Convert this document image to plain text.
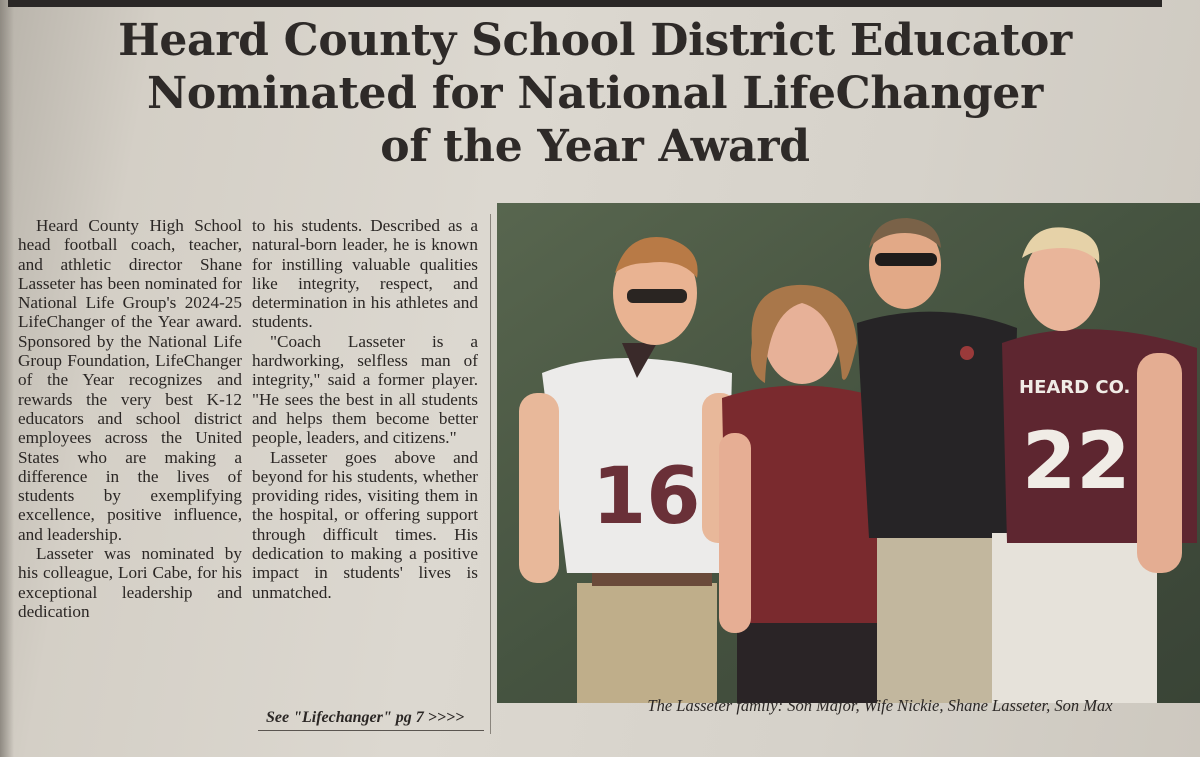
Heard County School District Educator
Nominated for National LifeChanger
of the Year Award

Heard County High School head football coach, teacher, and athletic director Shane Lasseter has been nominated for National Life Group's 2024-25 LifeChanger of the Year award. Sponsored by the National Life Group Foundation, LifeChanger of the Year recognizes and rewards the very best K-12 educators and school district employees across the United States who are making a difference in the lives of students by exemplifying excellence, positive influence, and leadership.

Lasseter was nominated by his colleague, Lori Cabe, for his exceptional leadership and dedication

to his students. Described as a natural-born leader, he is known for instilling valuable qualities like integrity, respect, and determination in his athletes and students.

"Coach Lasseter is a hardworking, selfless man of integrity," said a former player. "He sees the best in all students and helps them become better people, leaders, and citizens."

Lasseter goes above and beyond for his students, whether providing rides, visiting them in the hospital, or offering support through difficult times. His dedication to making a positive impact in students' lives is unmatched.

See "Lifechanger" pg 7 >>>>
16
HEARD CO.
22
The Lasseter family: Son Major, Wife Nickie, Shane Lasseter, Son Max
